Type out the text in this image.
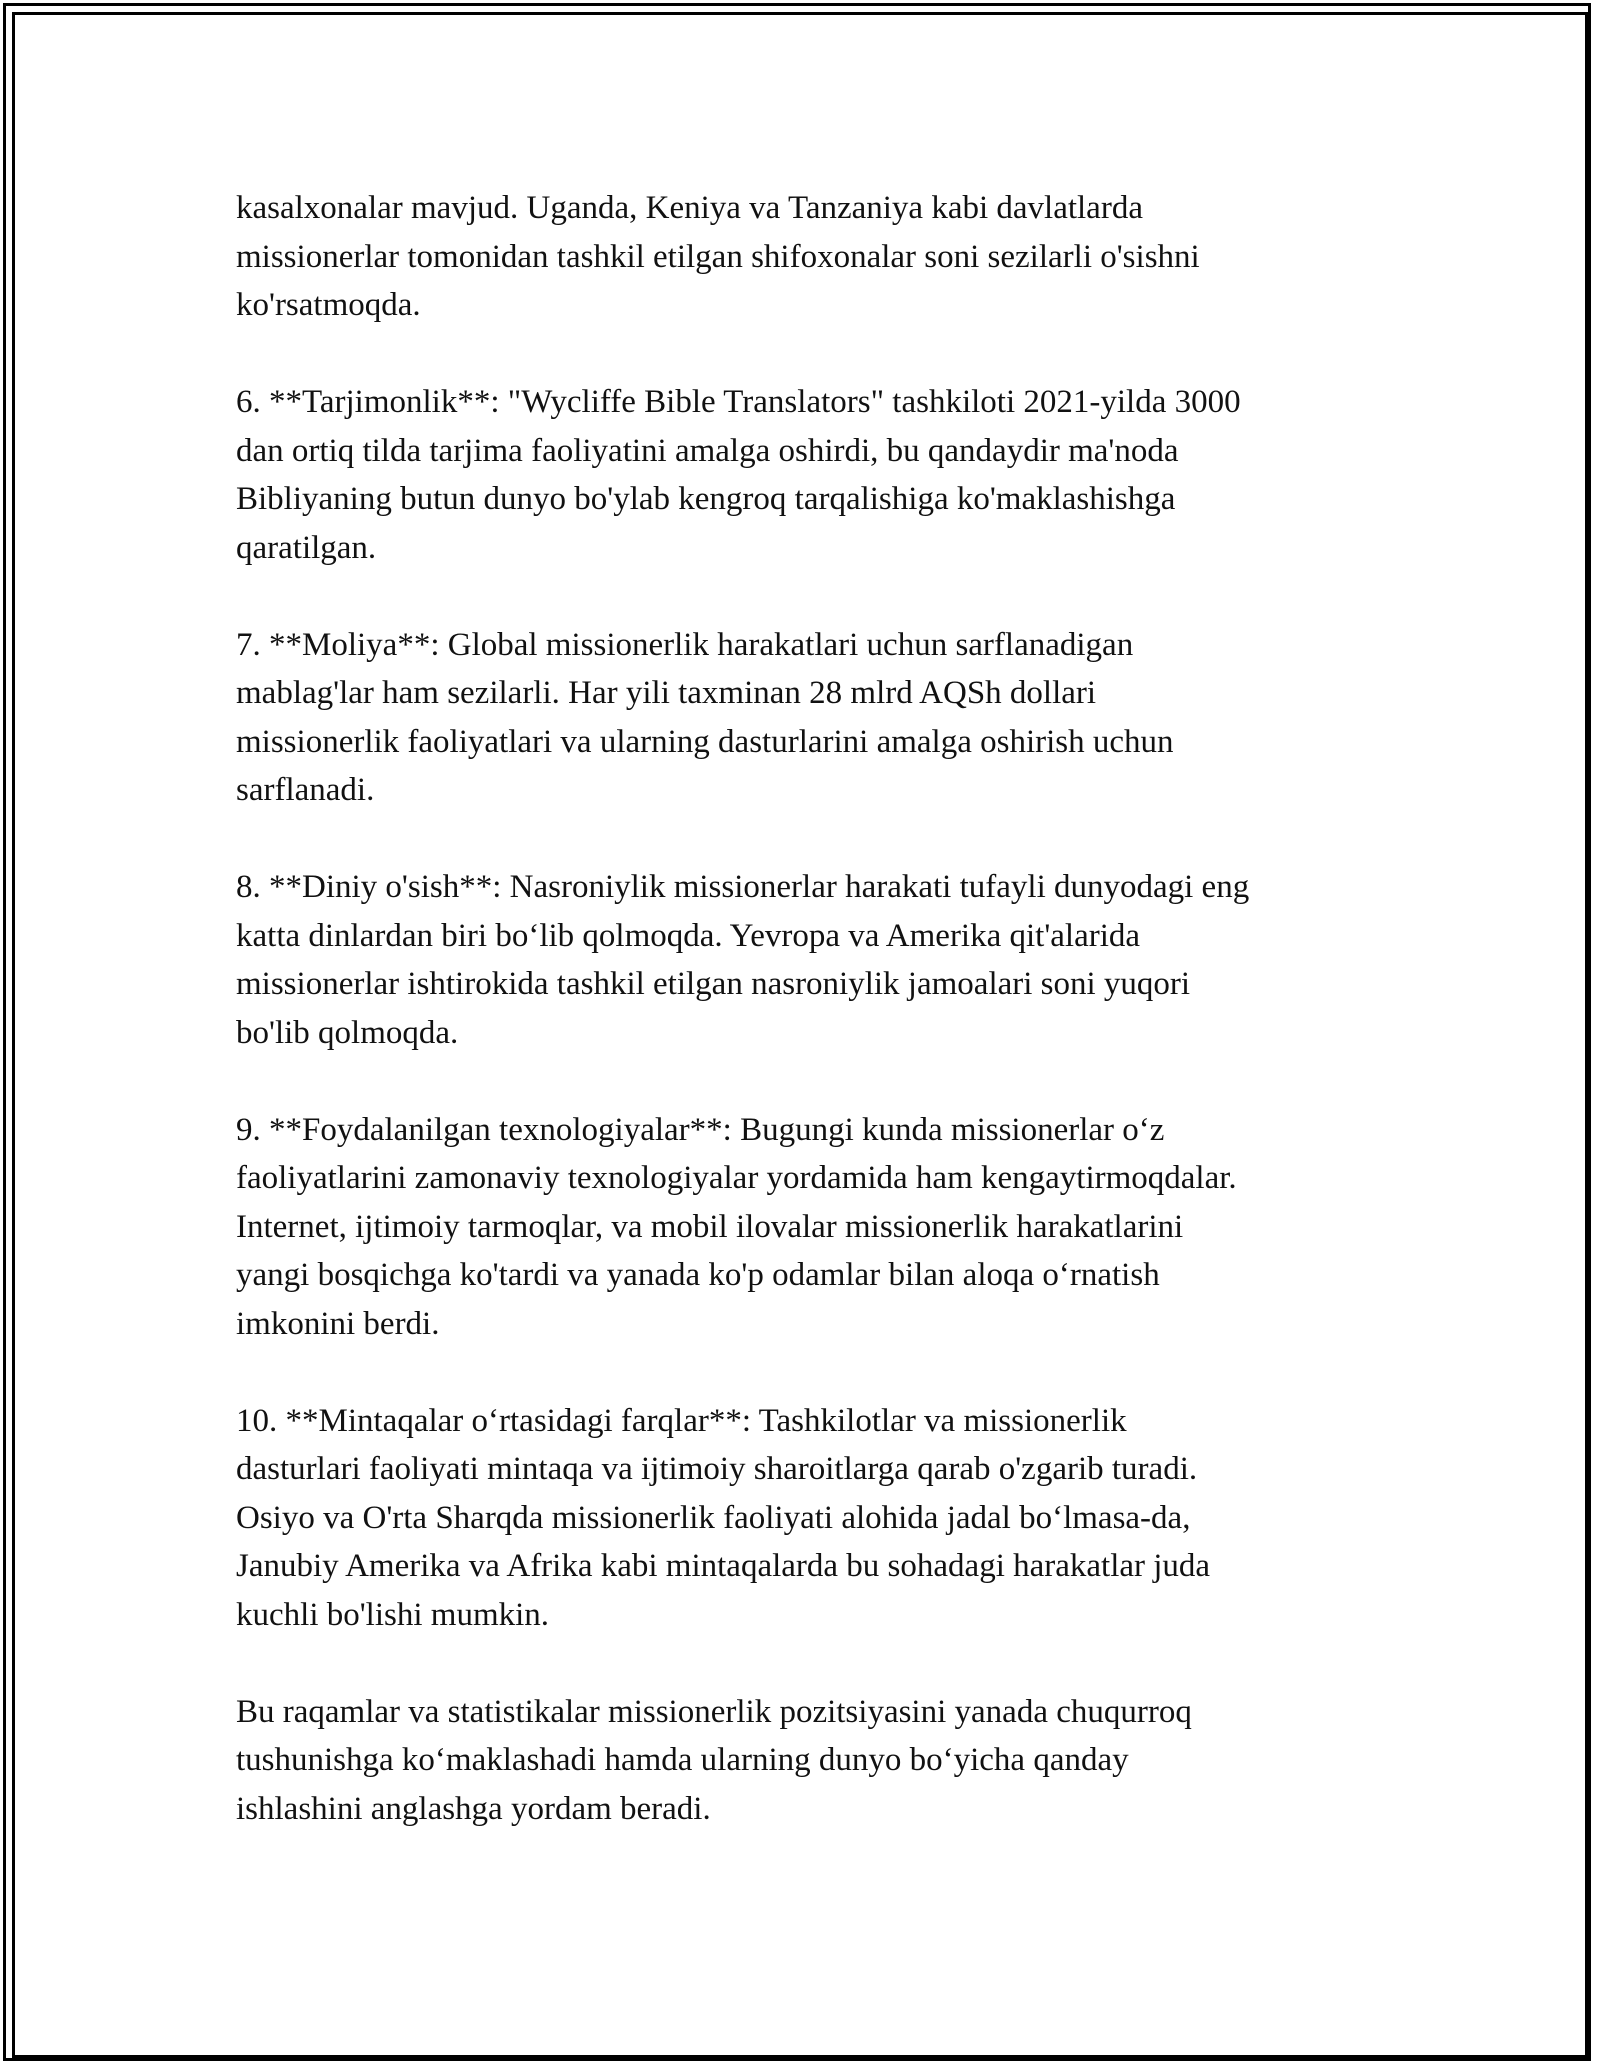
kasalxonalar mavjud. Uganda, Keniya va Tanzaniya kabi davlatlarda
missionerlar tomonidan tashkil etilgan shifoxonalar soni sezilarli o'sishni
ko'rsatmoqda.

6. **Tarjimonlik**: "Wycliffe Bible Translators" tashkiloti 2021-yilda 3000
dan ortiq tilda tarjima faoliyatini amalga oshirdi, bu qandaydir ma'noda
Bibliyaning butun dunyo bo'ylab kengroq tarqalishiga ko'maklashishga
qaratilgan.

7. **Moliya**: Global missionerlik harakatlari uchun sarflanadigan
mablag'lar ham sezilarli. Har yili taxminan 28 mlrd AQSh dollari
missionerlik faoliyatlari va ularning dasturlarini amalga oshirish uchun
sarflanadi.

8. **Diniy o'sish**: Nasroniylik missionerlar harakati tufayli dunyodagi eng
katta dinlardan biri bo‘lib qolmoqda. Yevropa va Amerika qit'alarida
missionerlar ishtirokida tashkil etilgan nasroniylik jamoalari soni yuqori
bo'lib qolmoqda.

9. **Foydalanilgan texnologiyalar**: Bugungi kunda missionerlar o‘z
faoliyatlarini zamonaviy texnologiyalar yordamida ham kengaytirmoqdalar.
Internet, ijtimoiy tarmoqlar, va mobil ilovalar missionerlik harakatlarini
yangi bosqichga ko'tardi va yanada ko'p odamlar bilan aloqa o‘rnatish
imkonini berdi.

10. **Mintaqalar o‘rtasidagi farqlar**: Tashkilotlar va missionerlik
dasturlari faoliyati mintaqa va ijtimoiy sharoitlarga qarab o'zgarib turadi.
Osiyo va O'rta Sharqda missionerlik faoliyati alohida jadal bo‘lmasa-da,
Janubiy Amerika va Afrika kabi mintaqalarda bu sohadagi harakatlar juda
kuchli bo'lishi mumkin.

Bu raqamlar va statistikalar missionerlik pozitsiyasini yanada chuqurroq
tushunishga ko‘maklashadi hamda ularning dunyo bo‘yicha qanday
ishlashini anglashga yordam beradi.
